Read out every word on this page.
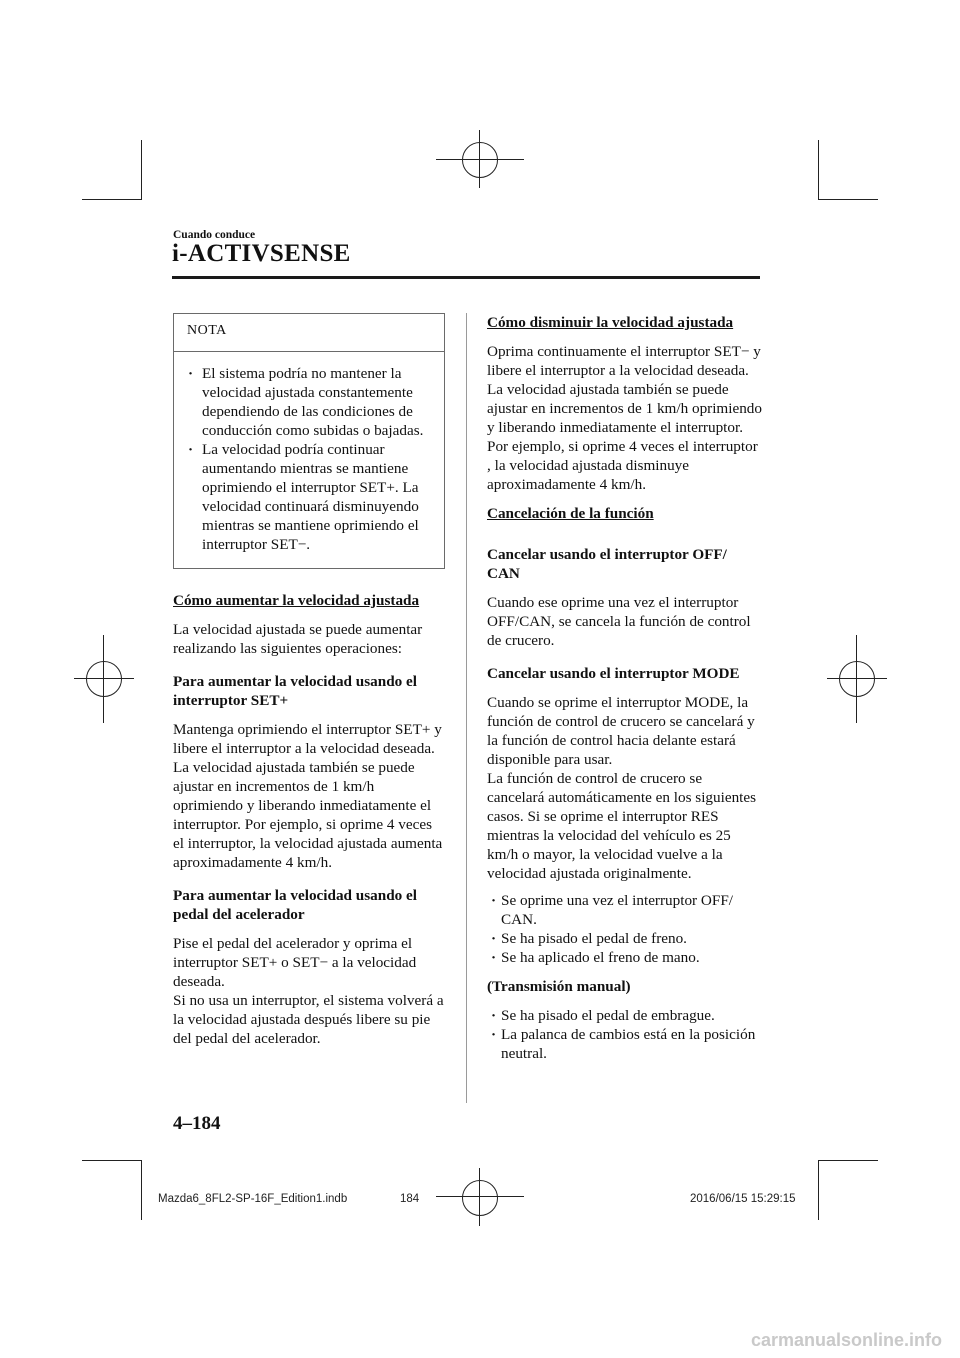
Cuando conduce
i-ACTIVSENSE
NOTA
· El sistema podría no mantener la velocidad ajustada constantemente dependiendo de las condiciones de conducción como subidas o bajadas.
· La velocidad podría continuar aumentando mientras se mantiene oprimiendo el interruptor SET+. La velocidad continuará disminuyendo mientras se mantiene oprimiendo el interruptor SET−.

Cómo aumentar la velocidad ajustada

La velocidad ajustada se puede aumentar realizando las siguientes operaciones:

Para aumentar la velocidad usando el interruptor SET+

Mantenga oprimiendo el interruptor SET+ y libere el interruptor a la velocidad deseada.

La velocidad ajustada también se puede ajustar en incrementos de 1 km/h oprimiendo y liberando inmediatamente el interruptor. Por ejemplo, si oprime 4 veces el interruptor, la velocidad ajustada aumenta aproximadamente 4 km/h.

Para aumentar la velocidad usando el pedal del acelerador

Pise el pedal del acelerador y oprima el interruptor SET+ o SET− a la velocidad deseada.

Si no usa un interruptor, el sistema volverá a la velocidad ajustada después libere su pie del pedal del acelerador.

Cómo disminuir la velocidad ajustada

Oprima continuamente el interruptor SET− y libere el interruptor a la velocidad deseada.

La velocidad ajustada también se puede ajustar en incrementos de 1 km/h oprimiendo y liberando inmediatamente el interruptor. Por ejemplo, si oprime 4 veces el interruptor , la velocidad ajustada disminuye aproximadamente 4 km/h.

Cancelación de la función

Cancelar usando el interruptor OFF/ CAN

Cuando ese oprime una vez el interruptor OFF/CAN, se cancela la función de control de crucero.

Cancelar usando el interruptor MODE

Cuando se oprime el interruptor MODE, la función de control de crucero se cancelará y la función de control hacia delante estará disponible para usar.

La función de control de crucero se cancelará automáticamente en los siguientes casos. Si se oprime el interruptor RES mientras la velocidad del vehículo es 25 km/h o mayor, la velocidad vuelve a la velocidad ajustada originalmente.

· Se oprime una vez el interruptor OFF/ CAN.
· Se ha pisado el pedal de freno.
· Se ha aplicado el freno de mano.

(Transmisión manual)

· Se ha pisado el pedal de embrague.
· La palanca de cambios está en la posición neutral.
4–184
Mazda6_8FL2-SP-16F_Edition1.indb	184	2016/06/15 15:29:15
carmanualsonline.info
